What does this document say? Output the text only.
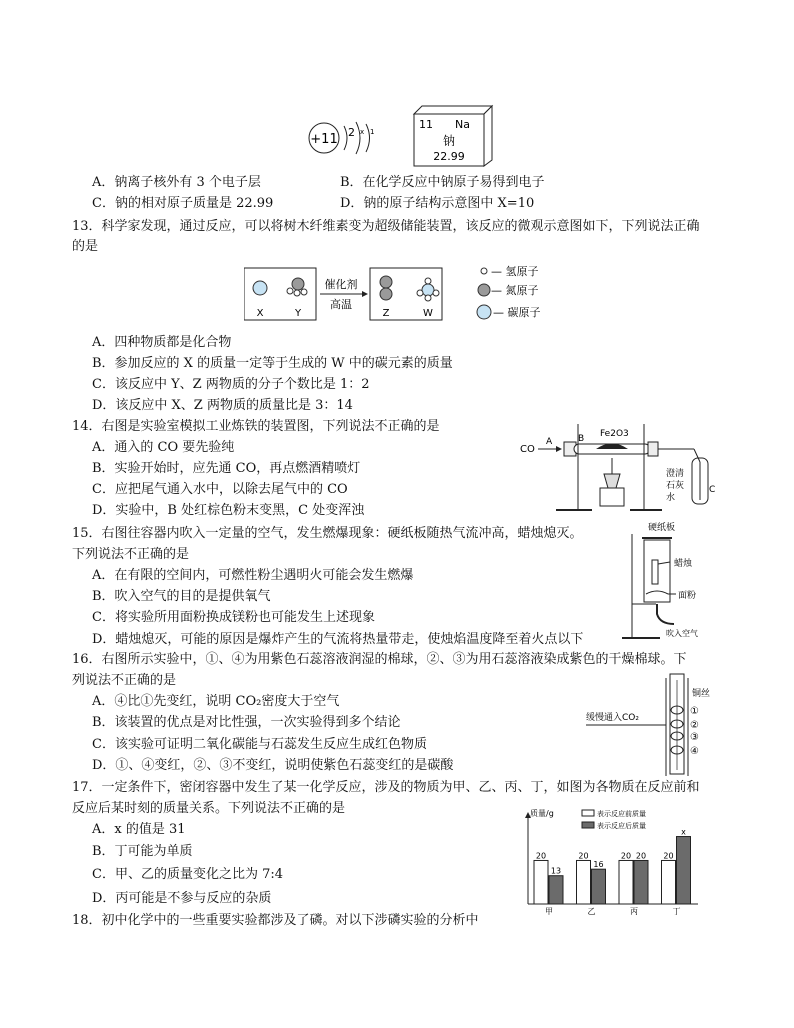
+11 2 x 1
11 Na
钠
22.99
A．钠离子核外有 3 个电子层	B．在化学反应中钠原子易得到电子
C．钠的相对原子质量是 22.99	D．钠的原子结构示意图中 X=10
13．科学家发现，通过反应，可以将树木纤维素变为超级储能装置，该反应的微观示意图如下，下列说法正确
的是
X	Y
催化剂
高温
Z	W
— 氢原子
— 氮原子
— 碳原子
A．四种物质都是化合物
B．参加反应的 X 的质量一定等于生成的 W 中的碳元素的质量
C．该反应中 Y、Z 两物质的分子个数比是 1：2
D．该反应中 X、Z 两物质的质量比是 3：14
14．右图是实验室模拟工业炼铁的装置图，下列说法不正确的是
A．通入的 CO 要先验纯
B．实验开始时，应先通 CO，再点燃酒精喷灯
C．应把尾气通入水中，以除去尾气中的 CO
D．实验中，B 处红棕色粉末变黑，C 处变浑浊
CO
A	B Fe2O3
澄清
石灰
水
C
15．右图往容器内吹入一定量的空气，发生燃爆现象：硬纸板随热气流冲高，蜡烛熄灭。
下列说法不正确的是
A．在有限的空间内，可燃性粉尘遇明火可能会发生燃爆
B．吹入空气的目的是提供氧气
C．将实验所用面粉换成镁粉也可能发生上述现象
D．蜡烛熄灭，可能的原因是爆炸产生的气流将热量带走，使烛焰温度降至着火点以下
硬纸板
蜡烛
面粉
吹入空气
16．右图所示实验中，①、④为用紫色石蕊溶液润湿的棉球，②、③为用石蕊溶液染成紫色的干燥棉球。下
列说法不正确的是
A．④比①先变红，说明 CO₂密度大于空气
B．该装置的优点是对比性强，一次实验得到多个结论
C．该实验可证明二氧化碳能与石蕊发生反应生成红色物质
D．①、④变红，②、③不变红，说明使紫色石蕊变红的是碳酸
铜丝
缓慢通入CO₂
①
②
③
④
17．一定条件下，密闭容器中发生了某一化学反应，涉及的物质为甲、乙、丙、丁，如图为各物质在反应前和
反应后某时刻的质量关系。下列说法不正确的是
A．x 的值是 31
B．丁可能为单质
C．甲、乙的质量变化之比为 7:4
D．丙可能是不参与反应的杂质
质量/g	表示反应前质量
表示反应后质量
20
13
甲
20
16
乙
20 20
丙
20
x
丁
18．初中化学中的一些重要实验都涉及了磷。对以下涉磷实验的分析中
